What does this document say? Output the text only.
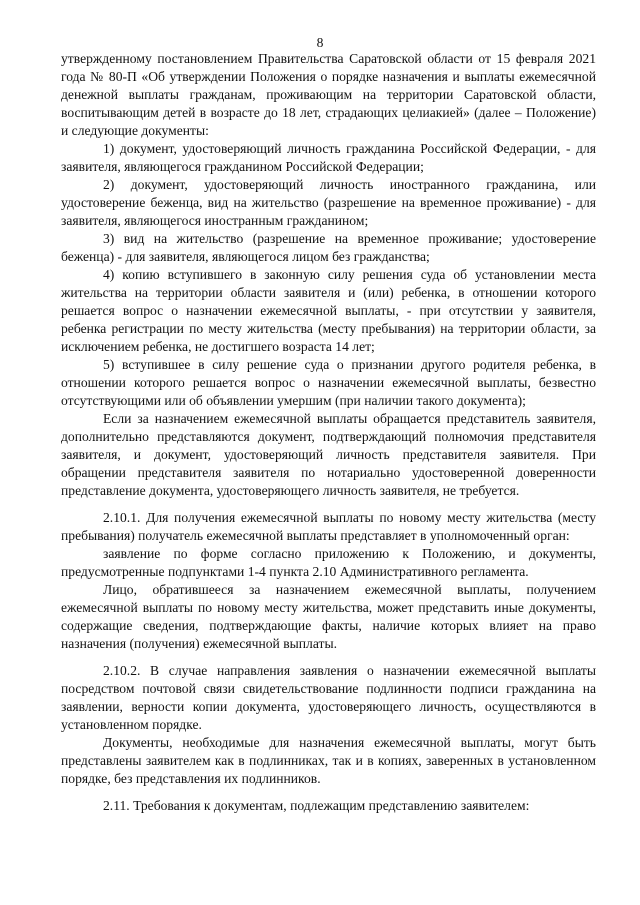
8

утвержденному постановлением Правительства Саратовской области от 15 февраля 2021 года № 80-П «Об утверждении Положения о порядке назначения и выплаты ежемесячной денежной выплаты гражданам, проживающим на территории Саратовской области, воспитывающим детей в возрасте до 18 лет, страдающих целиакией» (далее – Положение) и следующие документы:

1) документ, удостоверяющий личность гражданина Российской Федерации, - для заявителя, являющегося гражданином Российской Федерации;

2) документ, удостоверяющий личность иностранного гражданина, или удостоверение беженца, вид на жительство (разрешение на временное проживание) - для заявителя, являющегося иностранным гражданином;

3) вид на жительство (разрешение на временное проживание; удостоверение беженца) - для заявителя, являющегося лицом без гражданства;

4) копию вступившего в законную силу решения суда об установлении места жительства на территории области заявителя и (или) ребенка, в отношении которого решается вопрос о назначении ежемесячной выплаты, - при отсутствии у заявителя, ребенка регистрации по месту жительства (месту пребывания) на территории области, за исключением ребенка, не достигшего возраста 14 лет;

5) вступившее в силу решение суда о признании другого родителя ребенка, в отношении которого решается вопрос о назначении ежемесячной выплаты, безвестно отсутствующими или об объявлении умершим (при наличии такого документа);

Если за назначением ежемесячной выплаты обращается представитель заявителя, дополнительно представляются документ, подтверждающий полномочия представителя заявителя, и документ, удостоверяющий личность представителя заявителя. При обращении представителя заявителя по нотариально удостоверенной доверенности представление документа, удостоверяющего личность заявителя, не требуется.

2.10.1. Для получения ежемесячной выплаты по новому месту жительства (месту пребывания) получатель ежемесячной выплаты представляет в уполномоченный орган:

заявление по форме согласно приложению к Положению, и документы, предусмотренные подпунктами 1-4 пункта 2.10 Административного регламента.

Лицо, обратившееся за назначением ежемесячной выплаты, получением ежемесячной выплаты по новому месту жительства, может представить иные документы, содержащие сведения, подтверждающие факты, наличие которых влияет на право назначения (получения) ежемесячной выплаты.

2.10.2. В случае направления заявления о назначении ежемесячной выплаты посредством почтовой связи свидетельствование подлинности подписи гражданина на заявлении, верности копии документа, удостоверяющего личность, осуществляются в установленном порядке.

Документы, необходимые для назначения ежемесячной выплаты, могут быть представлены заявителем как в подлинниках, так и в копиях, заверенных в установленном порядке, без представления их подлинников.

2.11. Требования к документам, подлежащим представлению заявителем:
